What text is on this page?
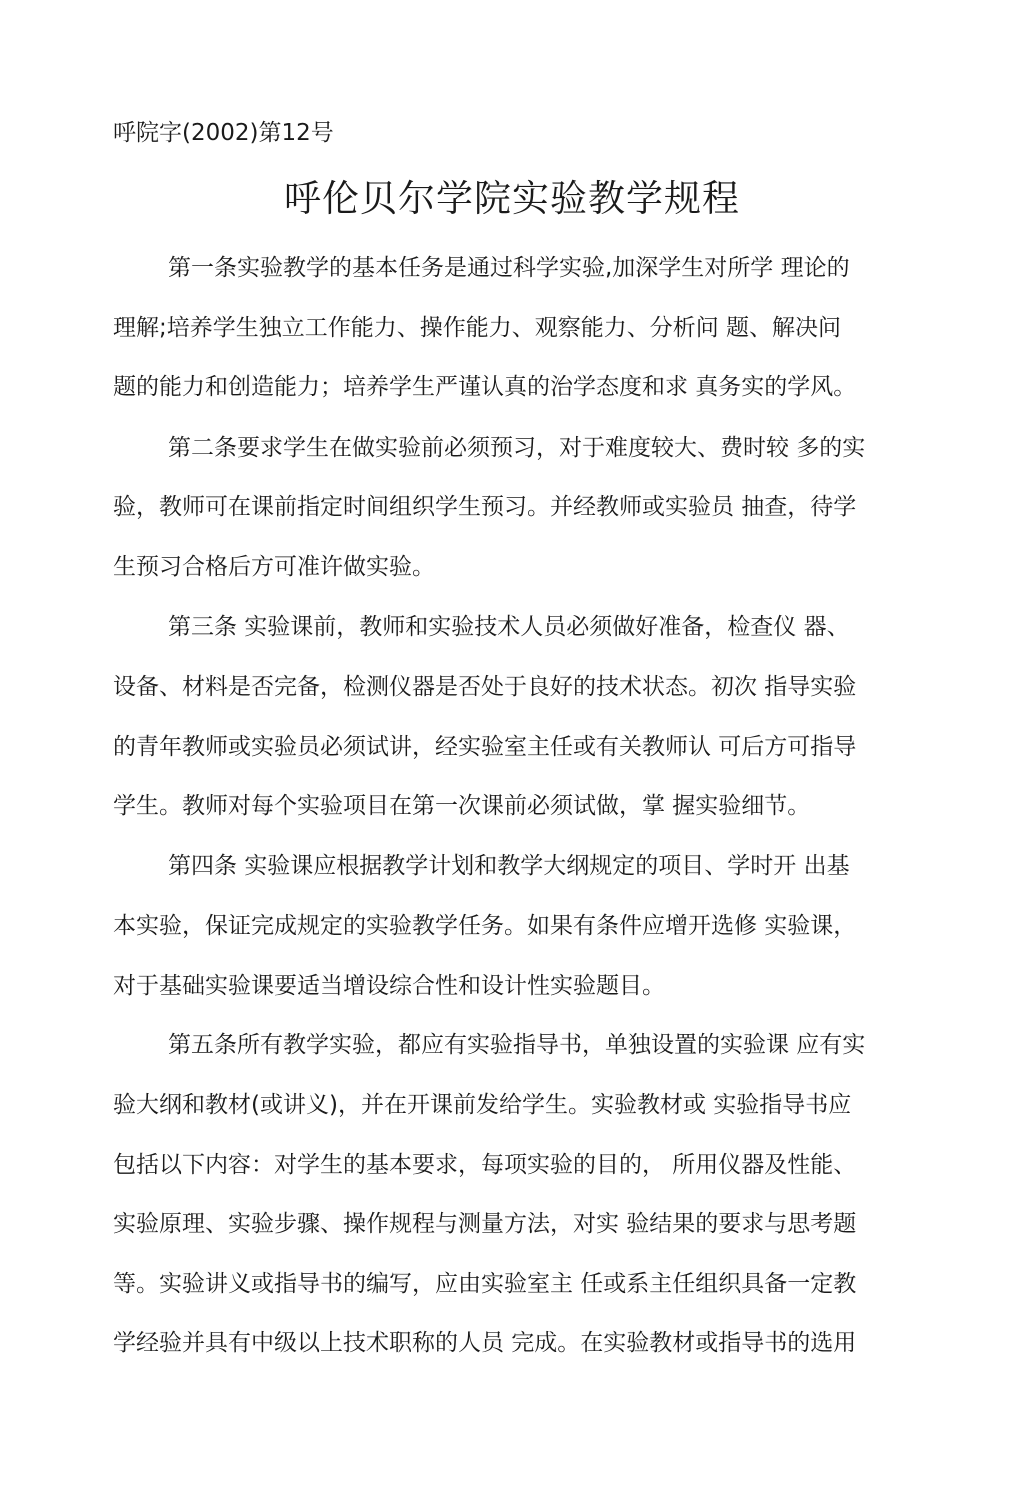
呼院字(2002)第12号
呼伦贝尔学院实验教学规程
第一条实验教学的基本任务是通过科学实验,加深学生对所学 理论的
理解;培养学生独立工作能力、操作能力、观察能力、分析问 题、解决问
题的能力和创造能力；培养学生严谨认真的治学态度和求 真务实的学风。
第二条要求学生在做实验前必须预习，对于难度较大、费时较 多的实
验，教师可在课前指定时间组织学生预习。并经教师或实验员 抽查，待学
生预习合格后方可准许做实验。
第三条 实验课前，教师和实验技术人员必须做好准备，检查仪 器、
设备、材料是否完备，检测仪器是否处于良好的技术状态。初次 指导实验
的青年教师或实验员必须试讲，经实验室主任或有关教师认 可后方可指导
学生。教师对每个实验项目在第一次课前必须试做，掌 握实验细节。
第四条 实验课应根据教学计划和教学大纲规定的项目、学时开 出基
本实验，保证完成规定的实验教学任务。如果有条件应增开选修 实验课，
对于基础实验课要适当增设综合性和设计性实验题目。
第五条所有教学实验，都应有实验指导书，单独设置的实验课 应有实
验大纲和教材(或讲义)，并在开课前发给学生。实验教材或 实验指导书应
包括以下内容：对学生的基本要求，每项实验的目的， 所用仪器及性能、
实验原理、实验步骤、操作规程与测量方法，对实 验结果的要求与思考题
等。实验讲义或指导书的编写，应由实验室主 任或系主任组织具备一定教
学经验并具有中级以上技术职称的人员 完成。在实验教材或指导书的选用
